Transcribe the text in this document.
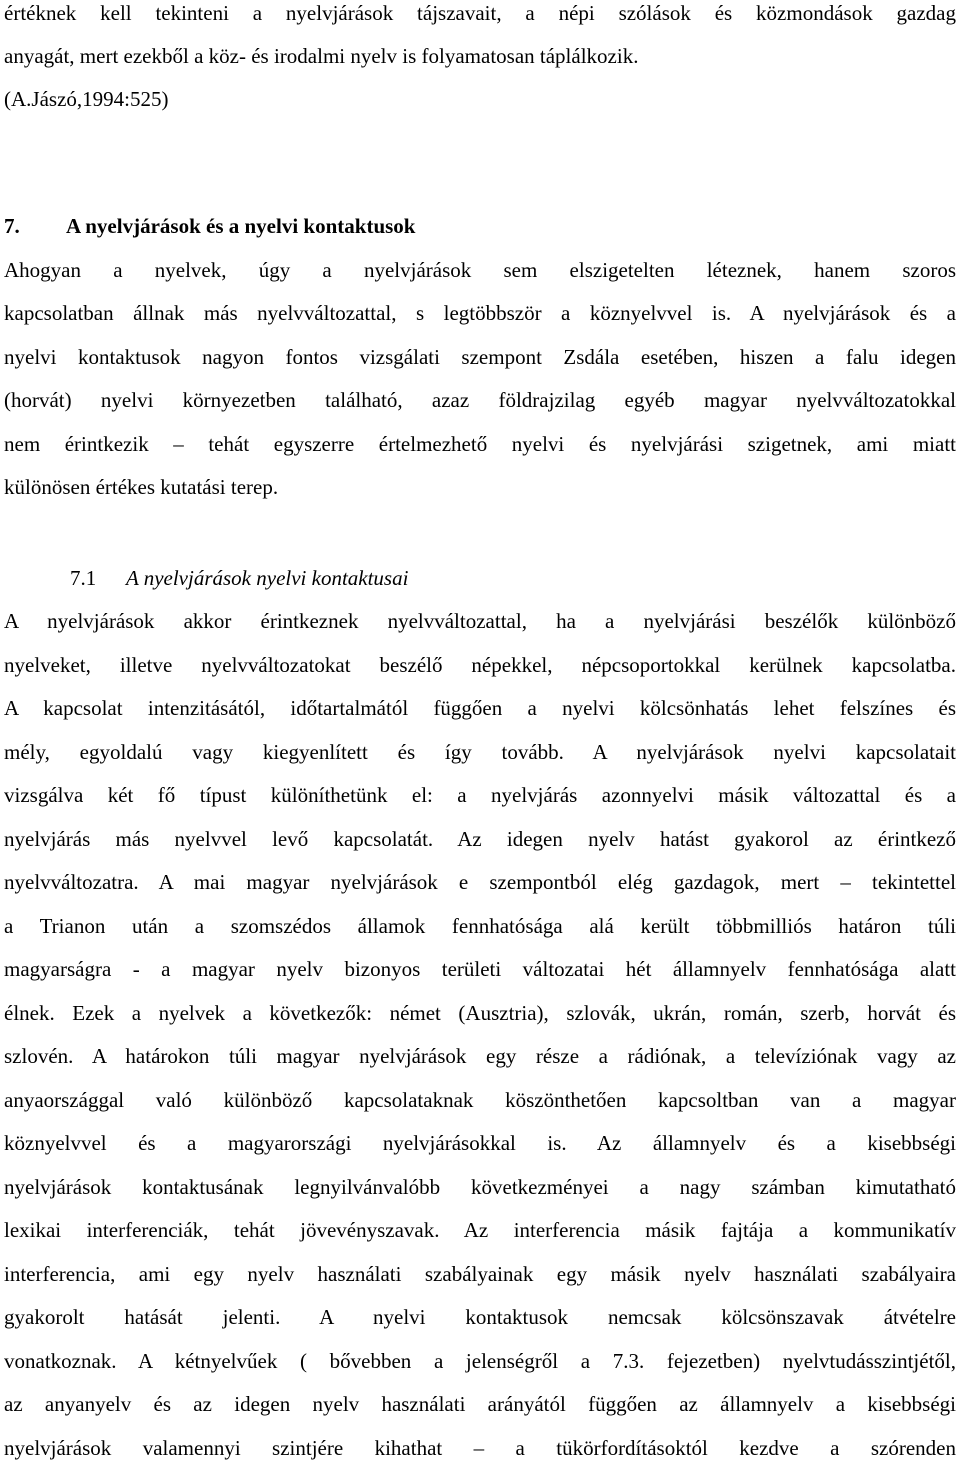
értéknek kell tekinteni a nyelvjárások tájszavait, a népi szólások és közmondások gazdag
anyagát, mert ezekből a köz- és irodalmi nyelv is folyamatosan táplálkozik.
(A.Jászó,1994:525)
7. A nyelvjárások és a nyelvi kontaktusok
Ahogyan a nyelvek, úgy a nyelvjárások sem elszigetelten léteznek, hanem szoros
kapcsolatban állnak más nyelvváltozattal, s legtöbbször a köznyelvvel is. A nyelvjárások és a
nyelvi kontaktusok nagyon fontos vizsgálati szempont Zsdála esetében, hiszen a falu idegen
(horvát) nyelvi környezetben található, azaz földrajzilag egyéb magyar nyelvváltozatokkal
nem érintkezik – tehát egyszerre értelmezhető nyelvi és nyelvjárási szigetnek, ami miatt
különösen értékes kutatási terep.
7.1 A nyelvjárások nyelvi kontaktusai
A nyelvjárások akkor érintkeznek nyelvváltozattal, ha a nyelvjárási beszélők különböző
nyelveket, illetve nyelvváltozatokat beszélő népekkel, népcsoportokkal kerülnek kapcsolatba.
A kapcsolat intenzitásától, időtartalmától függően a nyelvi kölcsönhatás lehet felszínes és
mély, egyoldalú vagy kiegyenlített és így tovább. A nyelvjárások nyelvi kapcsolatait
vizsgálva két fő típust különíthetünk el: a nyelvjárás azonnyelvi másik változattal és a
nyelvjárás más nyelvvel levő kapcsolatát. Az idegen nyelv hatást gyakorol az érintkező
nyelvváltozatra. A mai magyar nyelvjárások e szempontból elég gazdagok, mert – tekintettel
a Trianon után a szomszédos államok fennhatósága alá került többmilliós határon túli
magyarságra - a magyar nyelv bizonyos területi változatai hét államnyelv fennhatósága alatt
élnek. Ezek a nyelvek a következők: német (Ausztria), szlovák, ukrán, román, szerb, horvát és
szlovén. A határokon túli magyar nyelvjárások egy része a rádiónak, a televíziónak vagy az
anyaországgal való különböző kapcsolataknak köszönthetően kapcsoltban van a magyar
köznyelvvel és a magyarországi nyelvjárásokkal is. Az államnyelv és a kisebbségi
nyelvjárások kontaktusának legnyilvánvalóbb következményei a nagy számban kimutatható
lexikai interferenciák, tehát jövevényszavak. Az interferencia másik fajtája a kommunikatív
interferencia, ami egy nyelv használati szabályainak egy másik nyelv használati szabályaira
gyakorolt hatását jelenti. A nyelvi kontaktusok nemcsak kölcsönszavak átvételre
vonatkoznak. A kétnyelvűek ( bővebben a jelenségről a 7.3. fejezetben) nyelvtudásszintjétől,
az anyanyelv és az idegen nyelv használati arányától függően az államnyelv a kisebbségi
nyelvjárások valamennyi szintjére kihathat – a tükörfordításoktól kezdve a szórenden
